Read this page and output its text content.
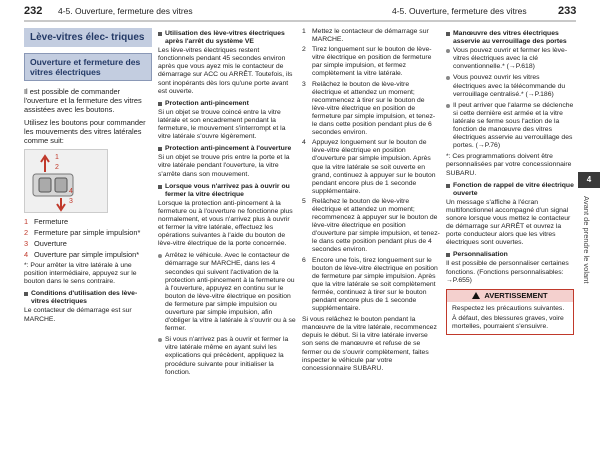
232 4-5. Ouverture, fermeture des vitres	4-5. Ouverture, fermeture des vitres	233
Lève-vitres élec- triques
Ouverture et fermeture des vitres électriques

Il est possible de commander l'ouverture et la fermeture des vitres assistées avec les boutons.

Utilisez les boutons pour commander les mouvements des vitres latérales comme suit:

1
2
3
4
1 Fermeture
2 Fermeture par simple impulsion*
3 Ouverture
4 Ouverture par simple impulsion*

*: Pour arrêter la vitre latérale à une position intermédiaire, appuyez sur le bouton dans le sens contraire.

Conditions d'utilisation des lève-vitres électriques

Le contacteur de démarrage est sur MARCHE.

Utilisation des lève-vitres électriques après l'arrêt du système VE

Les lève-vitres électriques restent fonctionnels pendant 45 secondes environ après que vous ayez mis le contacteur de démarrage sur ACC ou ARRÊT. Toutefois, ils sont inopérants dès lors qu'une porte avant est ouverte.

Protection anti-pincement

Si un objet se trouve coincé entre la vitre latérale et son encadrement pendant la fermeture, le mouvement s'interrompt et la vitre latérale s'ouvre légèrement.

Protection anti-pincement à l'ouverture

Si un objet se trouve pris entre la porte et la vitre latérale pendant l'ouverture, la vitre s'arrête dans son mouvement.

Lorsque vous n'arrivez pas à ouvrir ou fermer la vitre électrique

Lorsque la protection anti-pincement à la fermeture ou à l'ouverture ne fonctionne plus normalement, et vous n'arrivez plus à ouvrir et fermer la vitre latérale, effectuez les opérations suivantes à l'aide du bouton de lève-vitre électrique de la porte concernée.

Arrêtez le véhicule. Avec le contacteur de démarrage sur MARCHE, dans les 4 secondes qui suivent l'activation de la protection anti-pincement à la fermeture ou à l'ouverture, appuyez en continu sur le bouton de lève-vitre électrique en position de fermeture par simple impulsion ou ouverture par simple impulsion, afin d'obliger la vitre à latérale à s'ouvrir ou à se fermer.
Si vous n'arrivez pas à ouvrir et fermer la vitre latérale même en ayant suivi les explications qui précèdent, appliquez la procédure suivante pour initialiser la fonction.
1 Mettez le contacteur de démarrage sur MARCHE.
2 Tirez longuement sur le bouton de lève-vitre électrique en position de fermeture par simple impulsion, et fermez complètement la vitre latérale.
3 Relâchez le bouton de lève-vitre électrique et attendez un moment; recommencez à tirer sur le bouton de lève-vitre électrique en position de fermeture par simple impulsion, et tenez-le dans cette position pendant plus de 6 secondes environ.
4 Appuyez longuement sur le bouton de lève-vitre électrique en position d'ouverture par simple impulsion. Après que la vitre latérale se soit ouverte en grand, continuez à appuyer sur le bouton pendant encore plus de 1 seconde supplémentaire.
5 Relâchez le bouton de lève-vitre électrique et attendez un moment; recommencez à appuyer sur le bouton de lève-vitre électrique en position d'ouverture par simple impulsion, et tenez-le dans cette position pendant plus de 4 secondes environ.
6 Encore une fois, tirez longuement sur le bouton de lève-vitre électrique en position de fermeture par simple impulsion. Après que la vitre latérale se soit complètement fermée, continuez à tirer sur le bouton pendant encore plus de 1 seconde supplémentaire.

Si vous relâchez le bouton pendant la manœuvre de la vitre latérale, recommencez depuis le début. Si la vitre latérale inverse son sens de manœuvre et refuse de se fermer ou de s'ouvrir complètement, faites inspecter le véhicule par votre concessionnaire SUBARU.

Manœuvre des vitres électriques asservie au verrouillage des portes
Vous pouvez ouvrir et fermer les lève-vitres électriques avec la clé conventionnelle.* (→P.618)
Vous pouvez ouvrir les vitres électriques avec la télécommande du verrouillage centralisé.* (→P.186)
Il peut arriver que l'alarme se déclenche si cette dernière est armée et la vitre latérale se ferme sous l'action de la fonction de manœuvre des vitres électriques asservie au verrouillage des portes. (→P.76)

*: Ces programmations doivent être personnalisées par votre concessionnaire SUBARU.

Fonction de rappel de vitre électrique ouverte

Un message s'affiche à l'écran multifonctionnel accompagné d'un signal sonore lorsque vous mettez le contacteur de démarrage sur ARRÊT et ouvrez la porte conducteur alors que les vitres électriques sont ouvertes.

Personnalisation

Il est possible de personnaliser certaines fonctions. (Fonctions personnalisables: →P.655)

AVERTISSEMENT

Respectez les précautions suivantes.

À défaut, des blessures graves, voire mortelles, pourraient s'ensuivre.

4
Avant de prendre le volant
